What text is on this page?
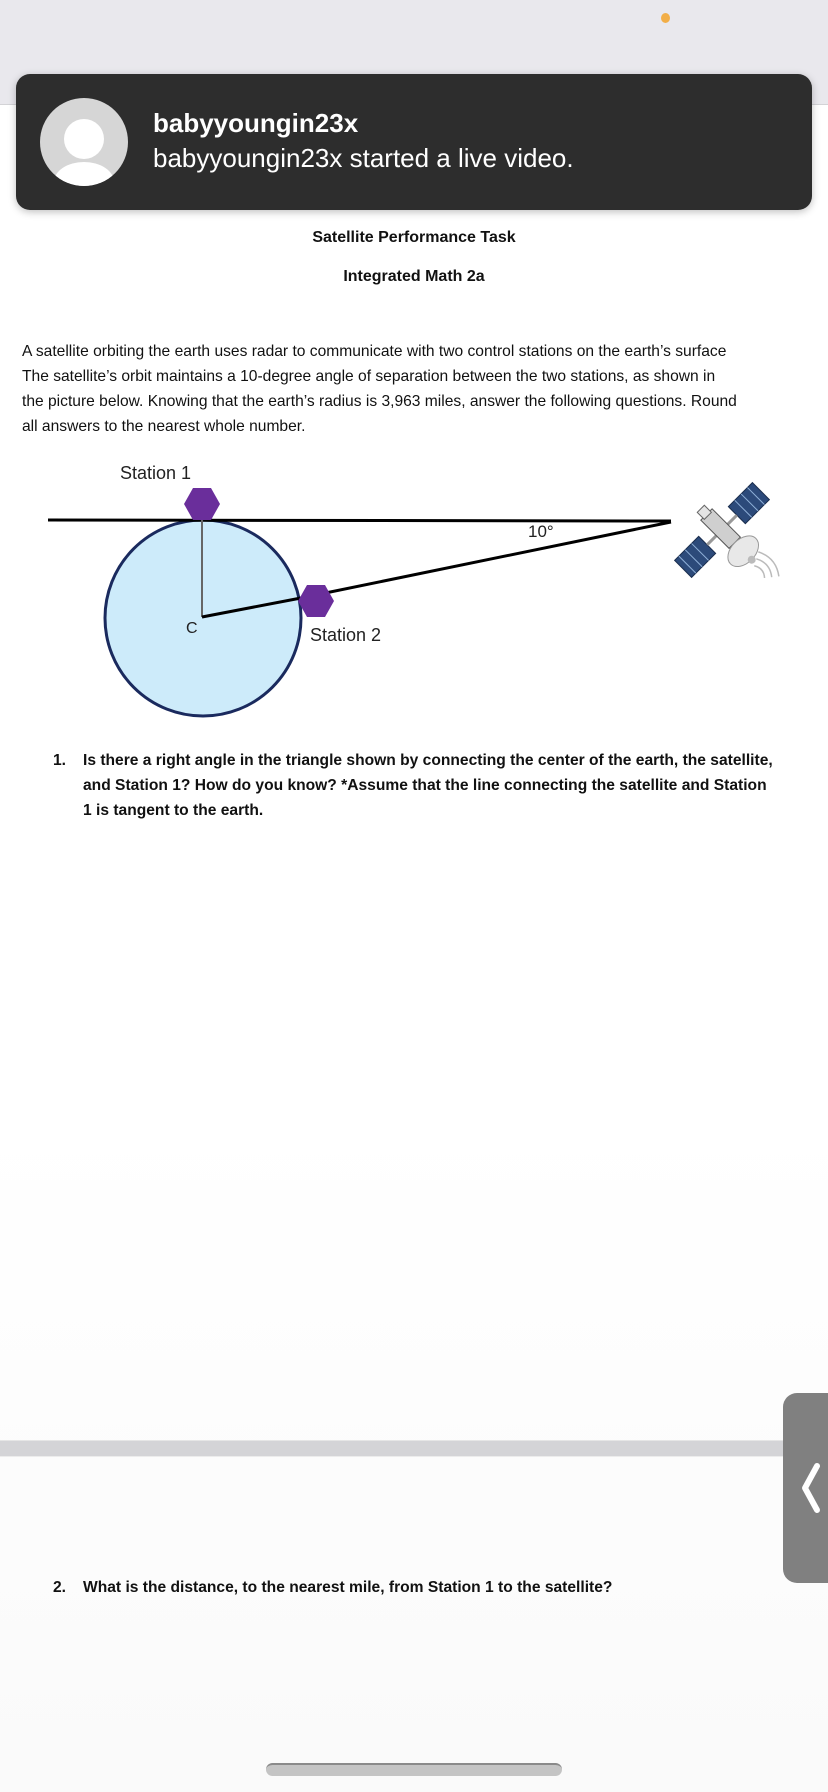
Satellite Performance Task
Integrated Math 2a
A satellite orbiting the earth uses radar to communicate with two control stations on the earth’s surface
The satellite’s orbit maintains a 10-degree angle of separation between the two stations, as shown in
the picture below. Knowing that the earth’s radius is 3,963 miles, answer the following questions. Round
all answers to the nearest whole number.
Station 1
Station 2
C
10°
1. Is there a right angle in the triangle shown by connecting the center of the earth, the satellite,
and Station 1? How do you know? *Assume that the line connecting the satellite and Station
1 is tangent to the earth.
2. What is the distance, to the nearest mile, from Station 1 to the satellite?
babyyoungin23x
babyyoungin23x started a live video.
